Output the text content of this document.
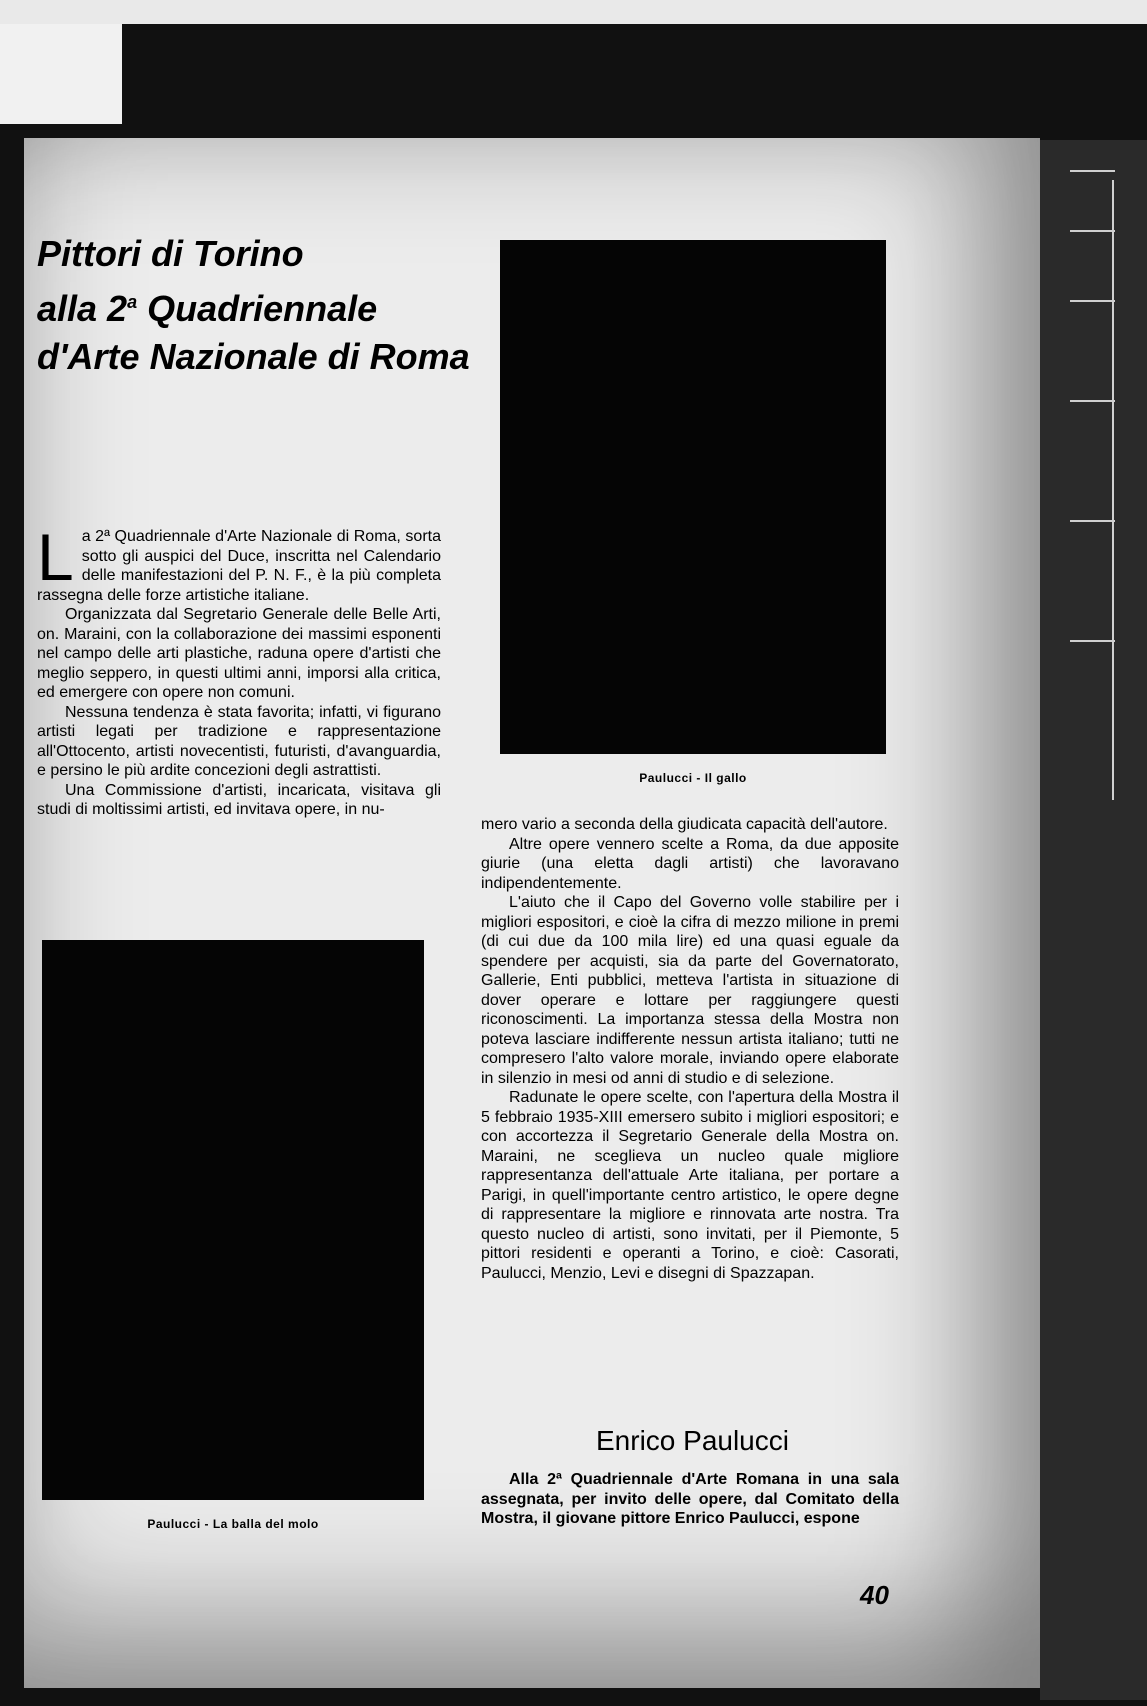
Pittori di Torino
alla 2$^a$ Quadriennale
d'Arte Nazionale di Roma
Paulucci - Il gallo
Paulucci - La balla del molo

La 2ª Quadriennale d'Arte Nazionale di Roma, sorta sotto gli auspici del Duce, inscritta nel Calendario delle manifestazioni del P. N. F., è la più completa rassegna delle forze artistiche italiane.

Organizzata dal Segretario Generale delle Belle Arti, on. Maraini, con la collaborazione dei massimi esponenti nel campo delle arti plastiche, raduna opere d'artisti che meglio seppero, in questi ultimi anni, imporsi alla critica, ed emergere con opere non comuni.

Nessuna tendenza è stata favorita; infatti, vi figurano artisti legati per tradizione e rappresentazione all'Ottocento, artisti novecentisti, futuristi, d'avanguardia, e persino le più ardite concezioni degli astrattisti.

Una Commissione d'artisti, incaricata, visitava gli studi di moltissimi artisti, ed invitava opere, in nu-

mero vario a seconda della giudicata capacità dell'autore.

Altre opere vennero scelte a Roma, da due apposite giurie (una eletta dagli artisti) che lavoravano indipendentemente.

L'aiuto che il Capo del Governo volle stabilire per i migliori espositori, e cioè la cifra di mezzo milione in premi (di cui due da 100 mila lire) ed una quasi eguale da spendere per acquisti, sia da parte del Governatorato, Gallerie, Enti pubblici, metteva l'artista in situazione di dover operare e lottare per raggiungere questi riconoscimenti. La importanza stessa della Mostra non poteva lasciare indifferente nessun artista italiano; tutti ne compresero l'alto valore morale, inviando opere elaborate in silenzio in mesi od anni di studio e di selezione.

Radunate le opere scelte, con l'apertura della Mostra il 5 febbraio 1935-XIII emersero subito i migliori espositori; e con accortezza il Segretario Generale della Mostra on. Maraini, ne sceglieva un nucleo quale migliore rappresentanza dell'attuale Arte italiana, per portare a Parigi, in quell'importante centro artistico, le opere degne di rappresentare la migliore e rinnovata arte nostra. Tra questo nucleo di artisti, sono invitati, per il Piemonte, 5 pittori residenti e operanti a Torino, e cioè: Casorati, Paulucci, Menzio, Levi e disegni di Spazzapan.

Enrico Paulucci

Alla 2ª Quadriennale d'Arte Romana in una sala assegnata, per invito delle opere, dal Comitato della Mostra, il giovane pittore Enrico Paulucci, espone

40
